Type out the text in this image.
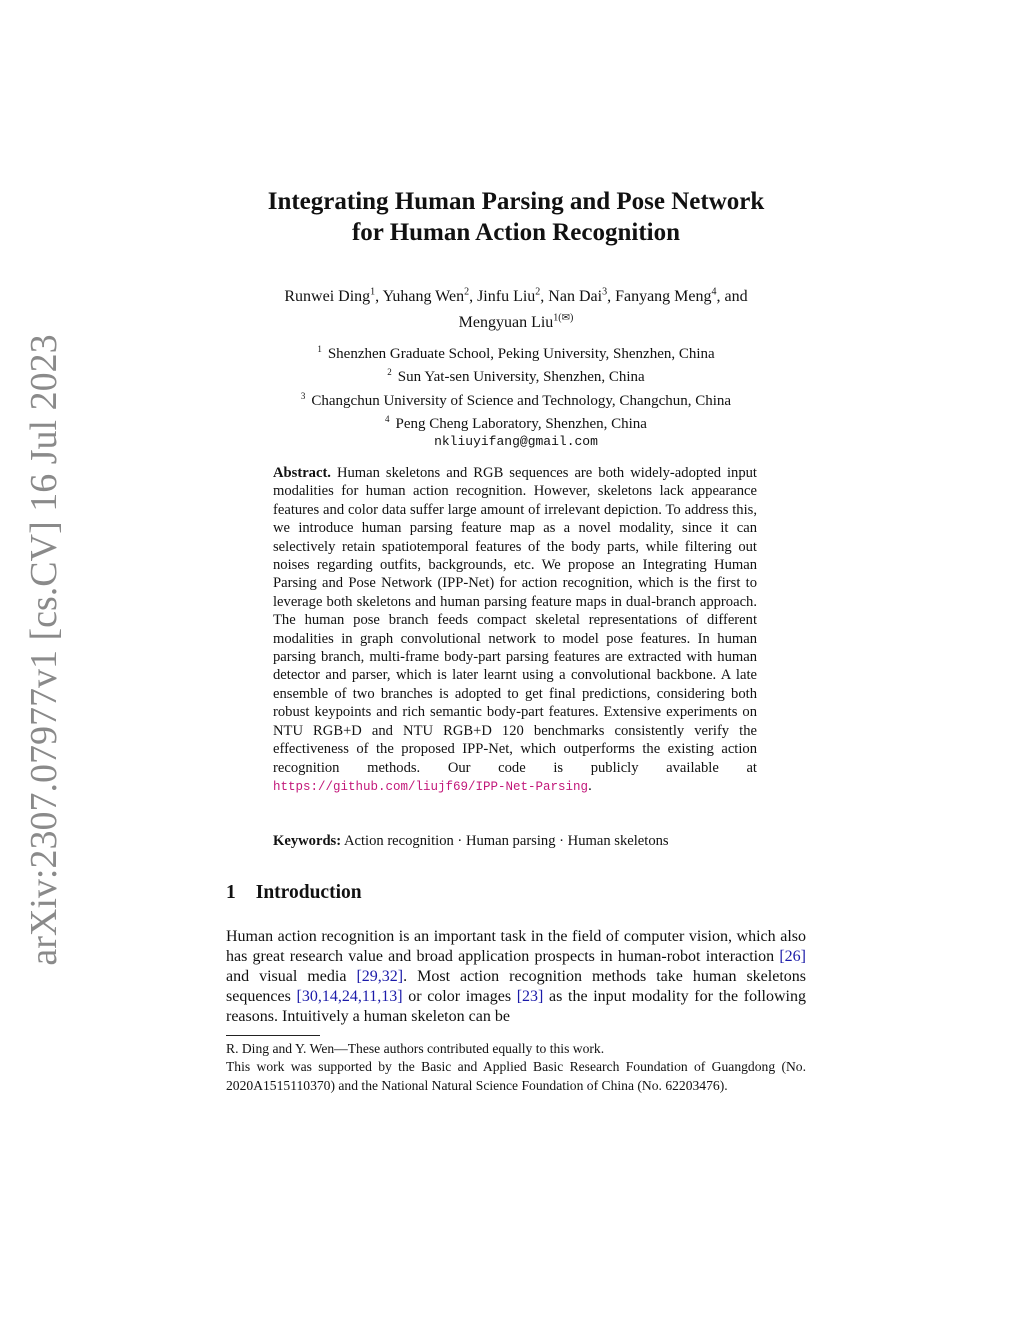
arXiv:2307.07977v1 [cs.CV] 16 Jul 2023
Integrating Human Parsing and Pose Network
for Human Action Recognition
Runwei Ding$^1$, Yuhang Wen$^2$, Jinfu Liu$^2$, Nan Dai$^3$, Fanyang Meng$^4$, and
Mengyuan Liu$^{1(✉)}$
$^1$ Shenzhen Graduate School, Peking University, Shenzhen, China
$^2$ Sun Yat-sen University, Shenzhen, China
$^3$ Changchun University of Science and Technology, Changchun, China
$^4$ Peng Cheng Laboratory, Shenzhen, China
nkliuyifang@gmail.com
Abstract. Human skeletons and RGB sequences are both widely-adopted input modalities for human action recognition. However, skeletons lack appearance features and color data suffer large amount of irrelevant depiction. To address this, we introduce human parsing feature map as a novel modality, since it can selectively retain spatiotemporal features of the body parts, while filtering out noises regarding outfits, backgrounds, etc. We propose an Integrating Human Parsing and Pose Network (IPP-Net) for action recognition, which is the first to leverage both skeletons and human parsing feature maps in dual-branch approach. The human pose branch feeds compact skeletal representations of different modalities in graph convolutional network to model pose features. In human parsing branch, multi-frame body-part parsing features are extracted with human detector and parser, which is later learnt using a convolutional backbone. A late ensemble of two branches is adopted to get final predictions, considering both robust keypoints and rich semantic body-part features. Extensive experiments on NTU RGB+D and NTU RGB+D 120 benchmarks consistently verify the effectiveness of the proposed IPP-Net, which outperforms the existing action recognition methods. Our code is publicly available at https://github.com/liujf69/IPP-Net-Parsing.
Keywords: Action recognition · Human parsing · Human skeletons
1 Introduction
Human action recognition is an important task in the field of computer vision, which also has great research value and broad application prospects in human-robot interaction [26] and visual media [29,32]. Most action recognition methods take human skeletons sequences [30,14,24,11,13] or color images [23] as the input modality for the following reasons. Intuitively a human skeleton can be

R. Ding and Y. Wen—These authors contributed equally to this work.

This work was supported by the Basic and Applied Basic Research Foundation of Guangdong (No. 2020A1515110370) and the National Natural Science Foundation of China (No. 62203476).
